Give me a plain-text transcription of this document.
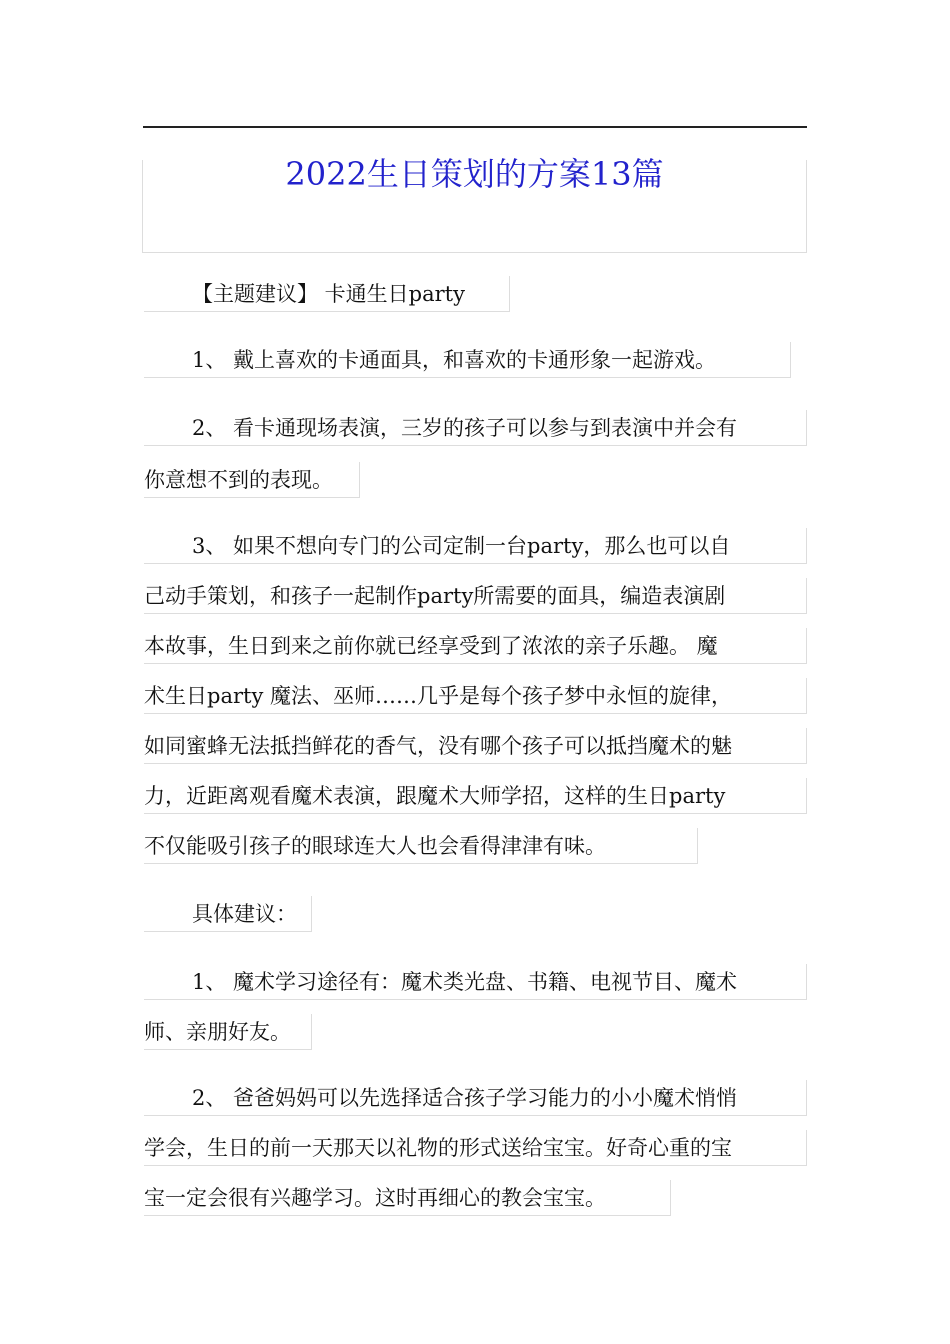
2022生日策划的方案13篇
【主题建议】 卡通生日party
1、 戴上喜欢的卡通面具，和喜欢的卡通形象一起游戏。
2、 看卡通现场表演，三岁的孩子可以参与到表演中并会有
你意想不到的表现。
3、 如果不想向专门的公司定制一台party，那么也可以自
己动手策划，和孩子一起制作party所需要的面具，编造表演剧
本故事，生日到来之前你就已经享受到了浓浓的亲子乐趣。 魔
术生日party 魔法、巫师……几乎是每个孩子梦中永恒的旋律，
如同蜜蜂无法抵挡鲜花的香气，没有哪个孩子可以抵挡魔术的魅
力，近距离观看魔术表演，跟魔术大师学招，这样的生日party
不仅能吸引孩子的眼球连大人也会看得津津有味。
具体建议：
1、 魔术学习途径有：魔术类光盘、书籍、电视节目、魔术
师、亲朋好友。
2、 爸爸妈妈可以先选择适合孩子学习能力的小小魔术悄悄
学会，生日的前一天那天以礼物的形式送给宝宝。好奇心重的宝
宝一定会很有兴趣学习。这时再细心的教会宝宝。
